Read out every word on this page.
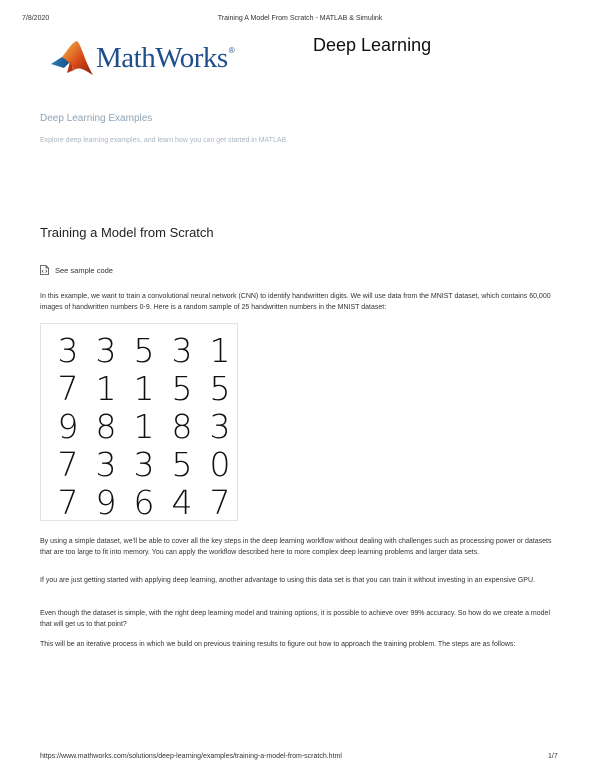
7/8/2020	Training A Model From Scratch - MATLAB & Simulink
MathWorks®	Deep Learning
Deep Learning Examples
Explore deep learning examples, and learn how you can get started in MATLAB.
Training a Model from Scratch
See sample code
In this example, we want to train a convolutional neural network (CNN) to identify handwritten digits. We will use data from the MNIST dataset, which contains 60,000 images of handwritten numbers 0-9. Here is a random sample of 25 handwritten numbers in the MNIST dataset:
3 3 5 3 1
7 1 1 5 5
9 8 1 8 3
7 3 3 5 0
7 9 6 4 7
By using a simple dataset, we'll be able to cover all the key steps in the deep learning workflow without dealing with challenges such as processing power or datasets that are too large to fit into memory. You can apply the workflow described here to more complex deep learning problems and larger data sets.
If you are just getting started with applying deep learning, another advantage to using this data set is that you can train it without investing in an expensive GPU.
Even though the dataset is simple, with the right deep learning model and training options, it is possible to achieve over 99% accuracy. So how do we create a model that will get us to that point?
This will be an iterative process in which we build on previous training results to figure out how to approach the training problem. The steps are as follows:
https://www.mathworks.com/solutions/deep-learning/examples/training-a-model-from-scratch.html	1/7
